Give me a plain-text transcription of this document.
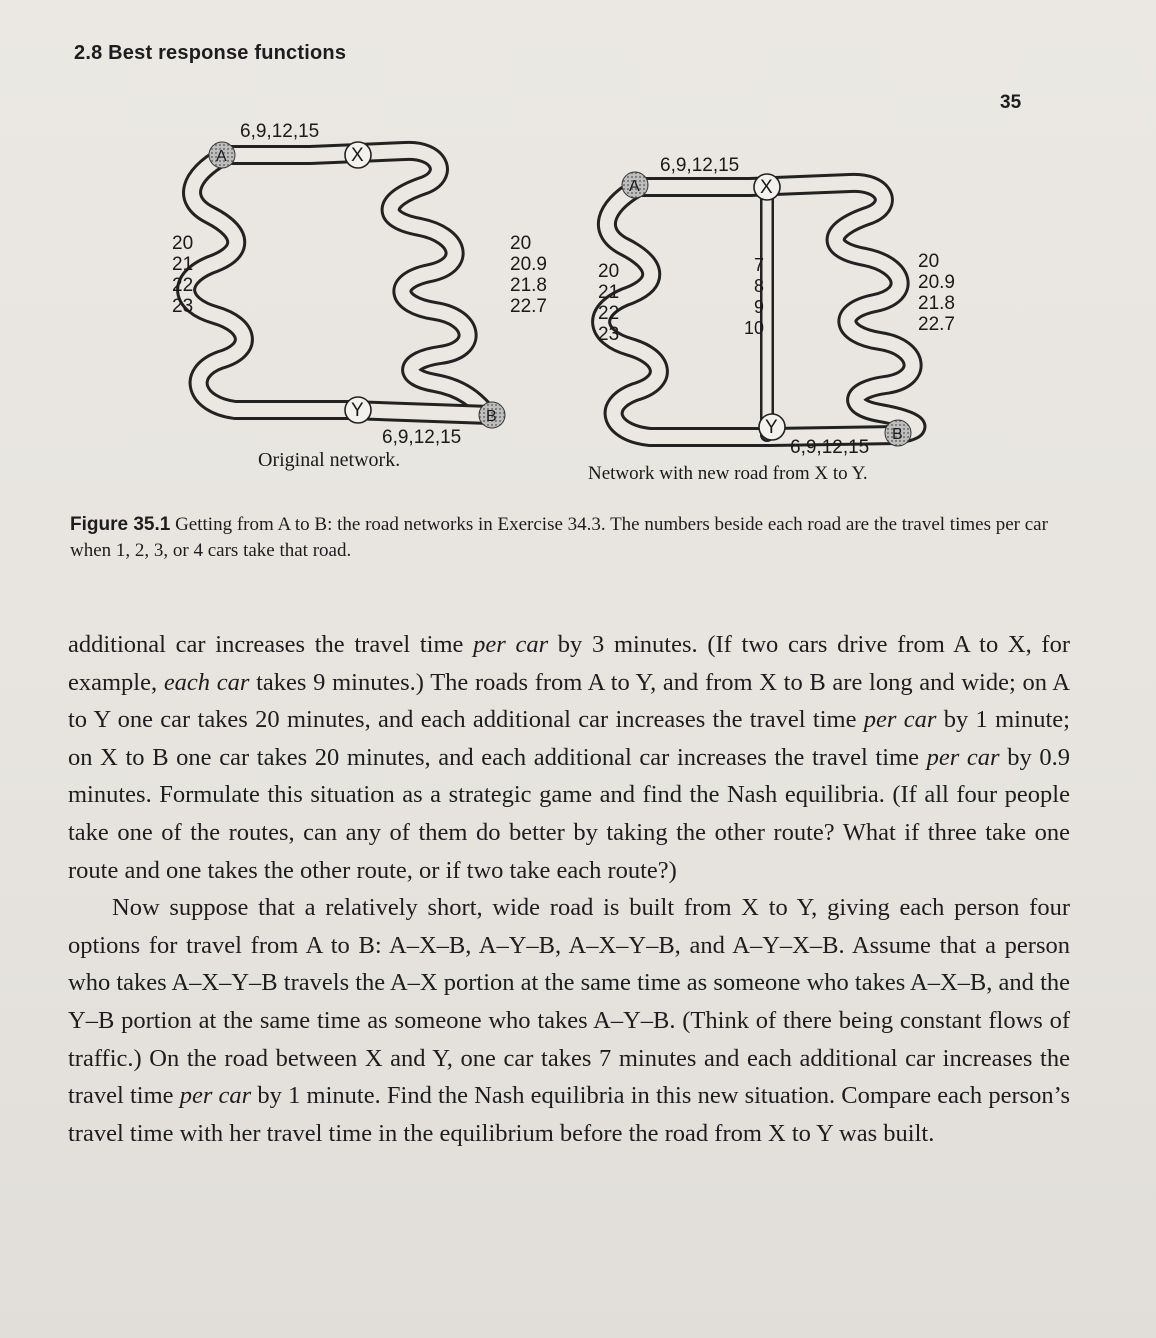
2.8 Best response functions
35
A	X
Y	B
6,9,12,15
6,9,12,15
20
21
22
23
20
20.9
21.8
22.7
Original network.
A	X
Y	B
6,9,12,15
6,9,12,15
20
21
22
23
7
8
9
10
20
20.9
21.8
22.7
Network with new road from X to Y.
Figure 35.1 Getting from A to B: the road networks in Exercise 34.3. The numbers beside each road are the travel times per car when 1, 2, 3, or 4 cars take that road.

additional car increases the travel time per car by 3 minutes. (If two cars drive from A to X, for example, each car takes 9 minutes.) The roads from A to Y, and from X to B are long and wide; on A to Y one car takes 20 minutes, and each additional car increases the travel time per car by 1 minute; on X to B one car takes 20 minutes, and each additional car increases the travel time per car by 0.9 minutes. Formulate this situation as a strategic game and find the Nash equilibria. (If all four people take one of the routes, can any of them do better by taking the other route? What if three take one route and one takes the other route, or if two take each route?)

Now suppose that a relatively short, wide road is built from X to Y, giving each person four options for travel from A to B: A–X–B, A–Y–B, A–X–Y–B, and A–Y–X–B. Assume that a person who takes A–X–Y–B travels the A–X portion at the same time as someone who takes A–X–B, and the Y–B portion at the same time as someone who takes A–Y–B. (Think of there being constant flows of traffic.) On the road between X and Y, one car takes 7 minutes and each additional car increases the travel time per car by 1 minute. Find the Nash equilibria in this new situation. Compare each person’s travel time with her travel time in the equilibrium before the road from X to Y was built.
